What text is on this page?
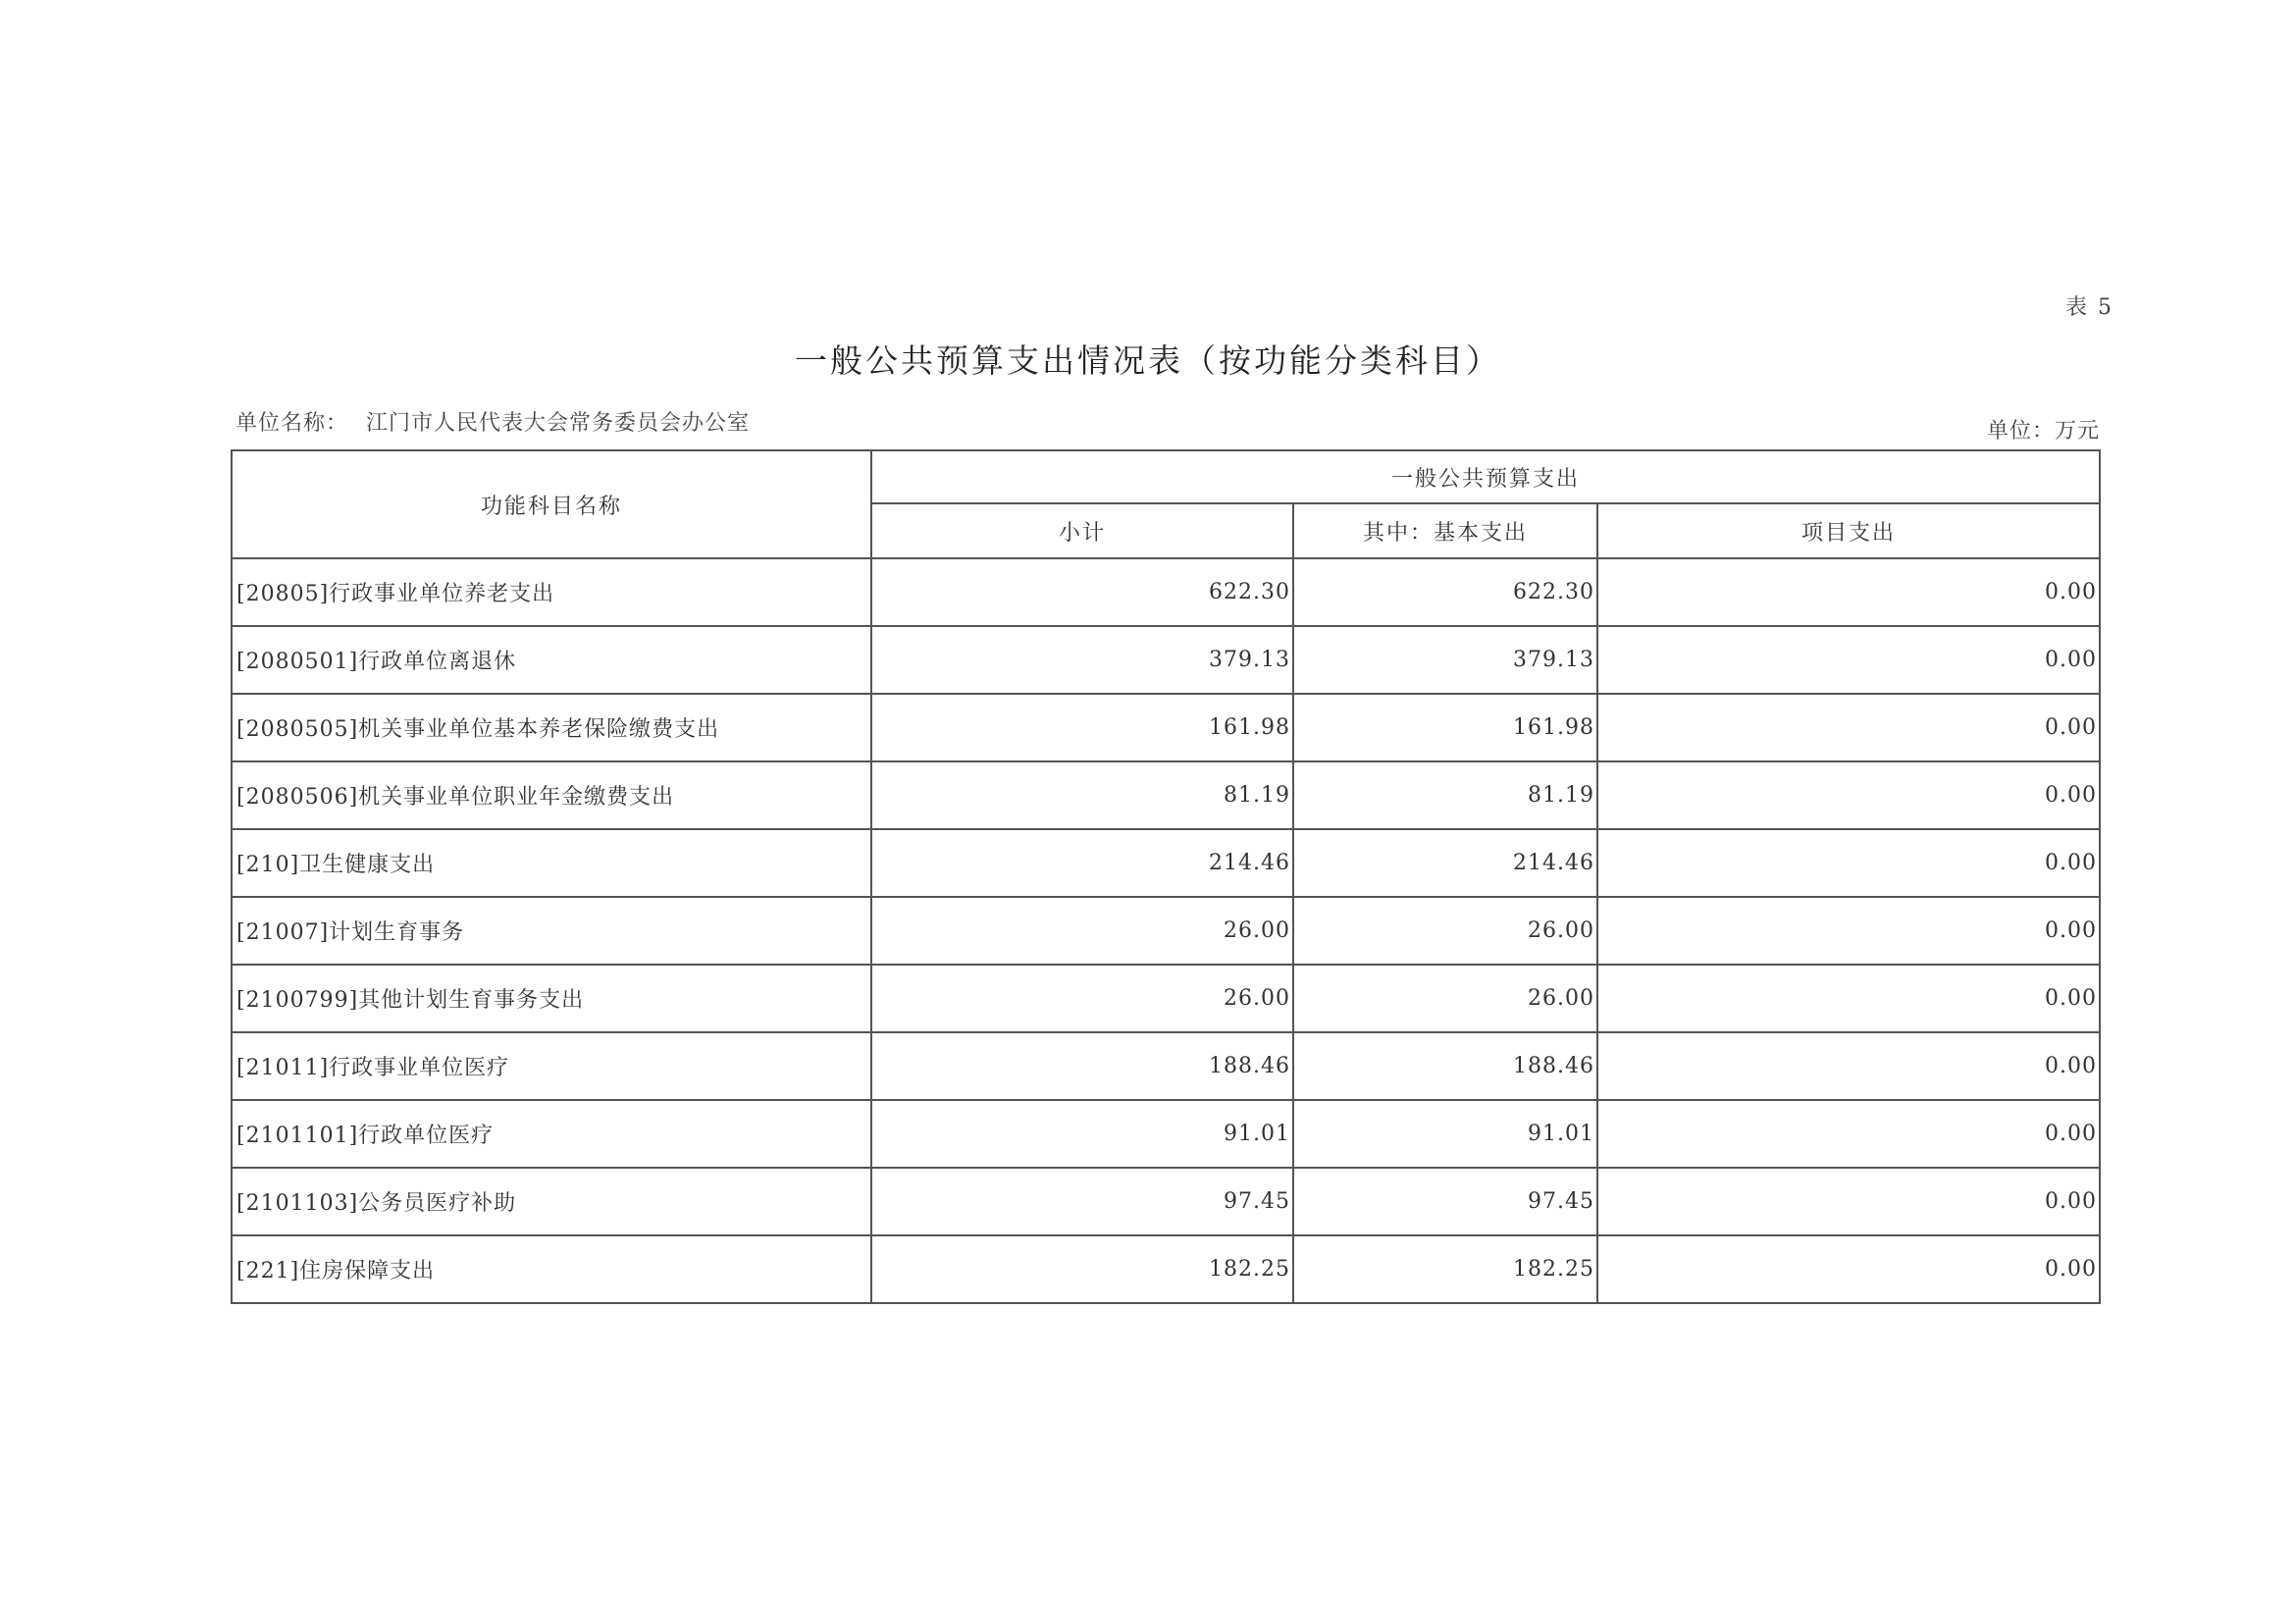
表 5
一般公共预算支出情况表（按功能分类科目）
单位名称： 江门市人民代表大会常务委员会办公室	单位：万元
功能科目名称	一般公共预算支出		
	小计	其中：基本支出	项目支出
[20805]行政事业单位养老支出	622.30	622.30	0.00
[2080501]行政单位离退休	379.13	379.13	0.00
[2080505]机关事业单位基本养老保险缴费支出	161.98	161.98	0.00
[2080506]机关事业单位职业年金缴费支出	81.19	81.19	0.00
[210]卫生健康支出	214.46	214.46	0.00
[21007]计划生育事务	26.00	26.00	0.00
[2100799]其他计划生育事务支出	26.00	26.00	0.00
[21011]行政事业单位医疗	188.46	188.46	0.00
[2101101]行政单位医疗	91.01	91.01	0.00
[2101103]公务员医疗补助	97.45	97.45	0.00
[221]住房保障支出	182.25	182.25	0.00
